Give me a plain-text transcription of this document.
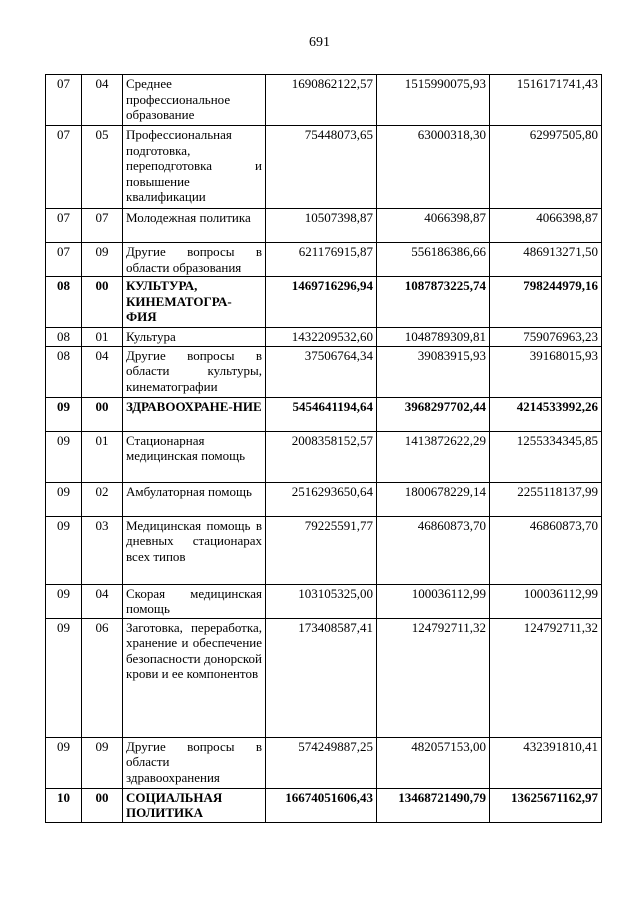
691
07	04	Среднее профессиональное образование	1690862122,57	1515990075,93	1516171741,43
07	05	Профессиональная подготовка, переподготовка и повышение квалификации	75448073,65	63000318,30	62997505,80
07	07	Молодежная политика	10507398,87	4066398,87	4066398,87
07	09	Другие вопросы в области образования	621176915,87	556186386,66	486913271,50
08	00	КУЛЬТУРА, КИНЕМАТОГРА-ФИЯ	1469716296,94	1087873225,74	798244979,16
08	01	Культура	1432209532,60	1048789309,81	759076963,23
08	04	Другие вопросы в области культуры, кинематографии	37506764,34	39083915,93	39168015,93
09	00	ЗДРАВООХРАНЕ-НИЕ	5454641194,64	3968297702,44	4214533992,26
09	01	Стационарная медицинская помощь	2008358152,57	1413872622,29	1255334345,85
09	02	Амбулаторная помощь	2516293650,64	1800678229,14	2255118137,99
09	03	Медицинская помощь в дневных стационарах всех типов	79225591,77	46860873,70	46860873,70
09	04	Скорая медицинская помощь	103105325,00	100036112,99	100036112,99
09	06	Заготовка, переработка, хранение и обеспечение безопасности донорской крови и ее компонентов	173408587,41	124792711,32	124792711,32
09	09	Другие вопросы в области здравоохранения	574249887,25	482057153,00	432391810,41
10	00	СОЦИАЛЬНАЯ ПОЛИТИКА	16674051606,43	13468721490,79	13625671162,97
